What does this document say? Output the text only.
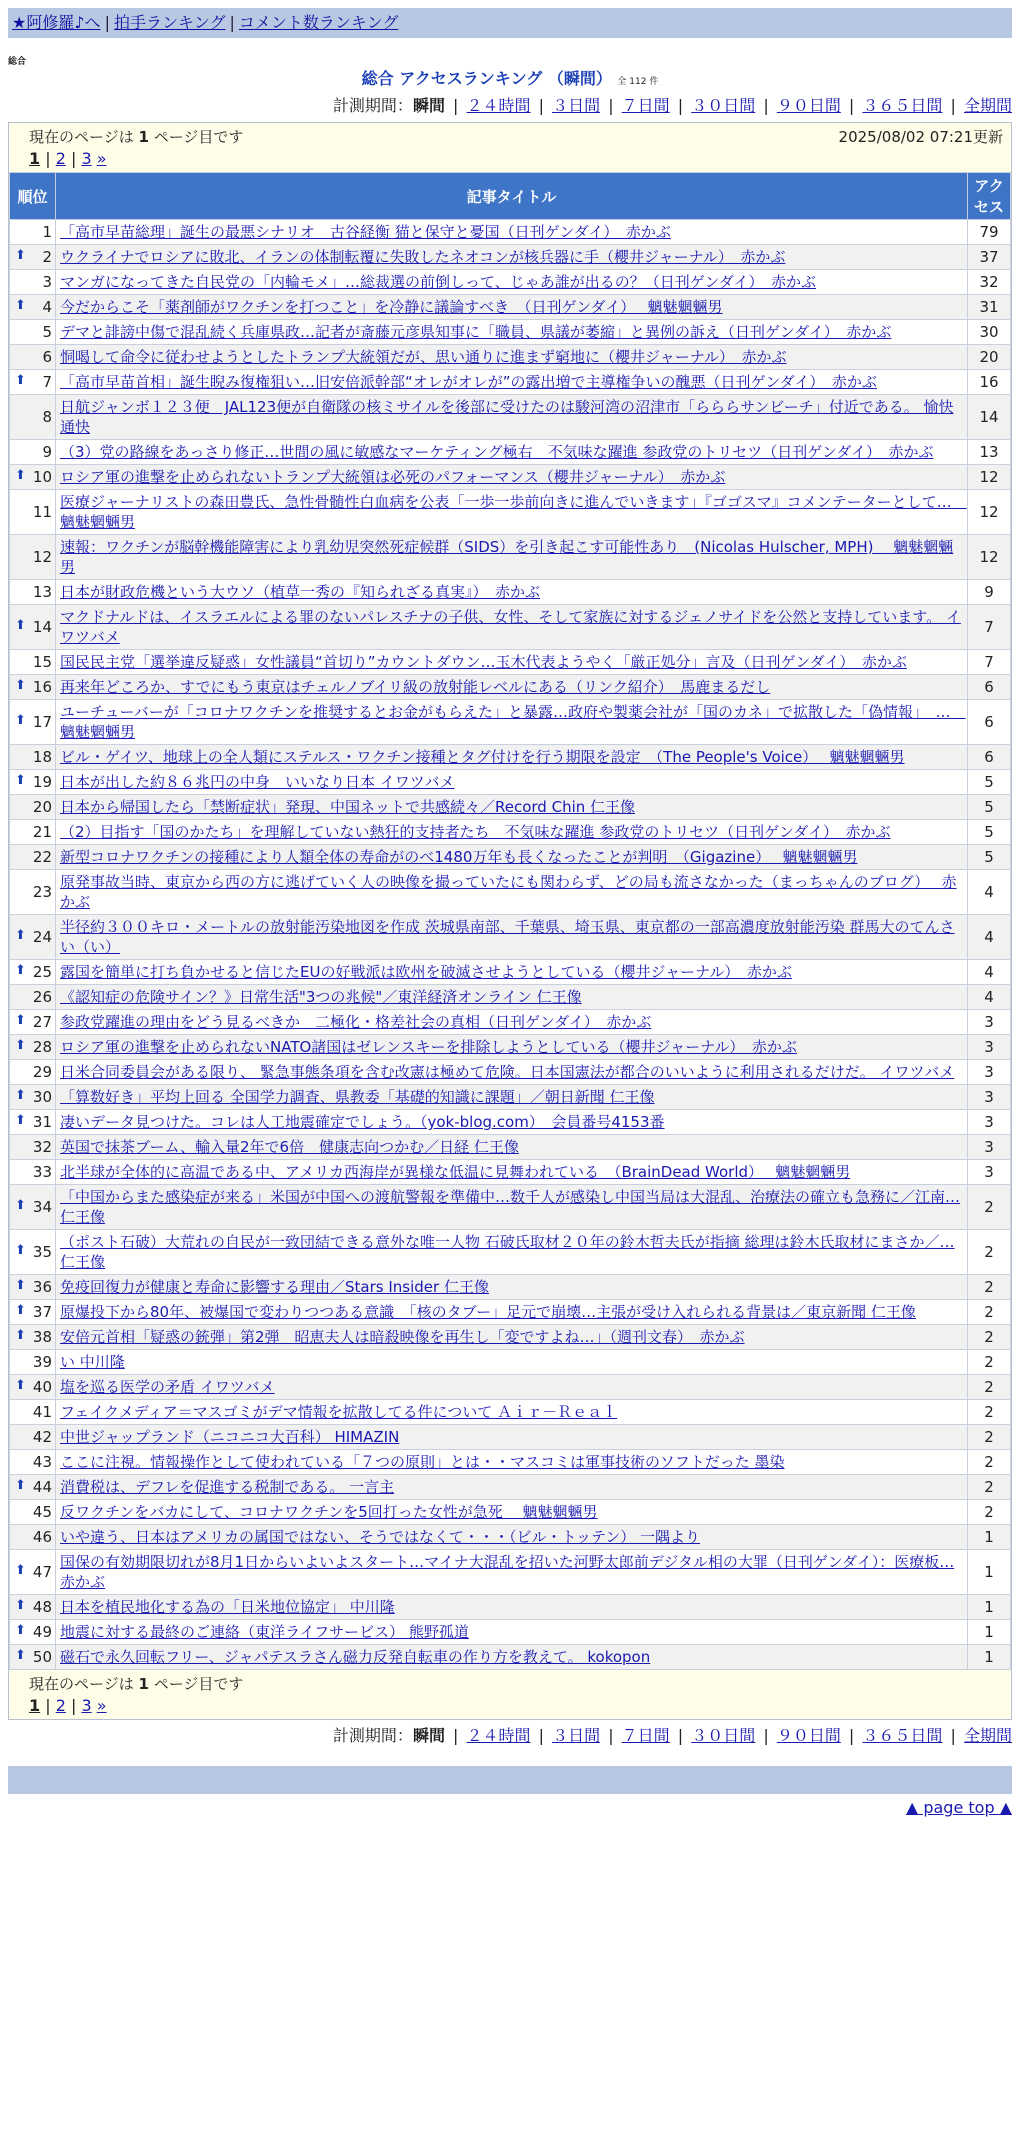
★阿修羅♪へ | 拍手ランキング | コメント数ランキング
総合
総合 アクセスランキング （瞬間） 全 112 件
計測期間：瞬間 | ２４時間 | ３日間 | ７日間 | ３０日間 | ９０日間 | ３６５日間 | 全期間
現在のページは 1 ページ目です	2025/08/02 07:21更新
1 | 2 | 3 »
順位	記事タイトル	アクセス
1	「高市早苗総理」誕生の最悪シナリオ　古谷経衡 猫と保守と憂国（日刊ゲンダイ）　赤かぶ	79

⬆ 2	ウクライナでロシアに敗北、イランの体制転覆に失敗したネオコンが核兵器に手（櫻井ジャーナル）　赤かぶ	37
3	マンガになってきた自民党の「内輪モメ」…総裁選の前倒しって、じゃあ誰が出るの？（日刊ゲンダイ）　赤かぶ	32

⬆ 4	今だからこそ「薬剤師がワクチンを打つこと」を冷静に議論すべき　（日刊ゲンダイ）　 魑魅魍魎男	31
5	デマと誹謗中傷で混乱続く兵庫県政…記者が斎藤元彦県知事に「職員、県議が萎縮」と異例の訴え（日刊ゲンダイ）　赤かぶ	30
6	恫喝して命令に従わせようとしたトランプ大統領だが、思い通りに進まず窮地に（櫻井ジャーナル）　赤かぶ	20

⬆ 7	「高市早苗首相」誕生睨み復権狙い…旧安倍派幹部“オレがオレが”の露出増で主導権争いの醜悪（日刊ゲンダイ）　赤かぶ	16
8	日航ジャンボ１２３便　JAL123便が自衛隊の核ミサイルを後部に受けたのは駿河湾の沼津市「らららサンビーチ」付近である。 愉快通快	14
9	（3）党の路線をあっさり修正…世間の風に敏感なマーケティング極右　不気味な躍進 参政党のトリセツ（日刊ゲンダイ）　赤かぶ	13

⬆ 10	ロシア軍の進撃を止められないトランプ大統領は必死のパフォーマンス（櫻井ジャーナル）　赤かぶ	12
11	医療ジャーナリストの森田豊氏、急性骨髄性白血病を公表「一歩一歩前向きに進んでいきます」『ゴゴスマ』コメンテーターとして…　魑魅魍魎男	12
12	速報：ワクチンが脳幹機能障害により乳幼児突然死症候群（SIDS）を引き起こす可能性あり　(Nicolas Hulscher, MPH)　 魑魅魍魎男	12
13	日本が財政危機という大ウソ（植草一秀の『知られざる真実』）　赤かぶ	9

⬆ 14	マクドナルドは、イスラエルによる罪のないパレスチナの子供、女性、そして家族に対するジェノサイドを公然と支持しています。 イワツバメ	7
15	国民民主党「選挙違反疑惑」女性議員“首切り”カウントダウン…玉木代表ようやく「厳正処分」言及（日刊ゲンダイ）　赤かぶ	7

⬆ 16	再来年どころか、すでにもう東京はチェルノブイリ級の放射能レベルにある（リンク紹介）　馬鹿まるだし	6

⬆ 17	ユーチューバーが「コロナワクチンを推奨するとお金がもらえた」と暴露…政府や製薬会社が「国のカネ」で拡散した「偽情報」　…　魑魅魍魎男	6
18	ビル・ゲイツ、地球上の全人類にステルス・ワクチン接種とタグ付けを行う期限を設定　（The People's Voice）　 魑魅魍魎男	6

⬆ 19	日本が出した約８６兆円の中身　いいなり日本 イワツバメ	5
20	日本から帰国したら「禁断症状」発現、中国ネットで共感続々／Record Chin 仁王像	5
21	（2）目指す「国のかたち」を理解していない熱狂的支持者たち　不気味な躍進 参政党のトリセツ（日刊ゲンダイ）　赤かぶ	5
22	新型コロナワクチンの接種により人類全体の寿命がのべ1480万年も長くなったことが判明　（Gigazine）　 魑魅魍魎男	5
23	原発事故当時、東京から西の方に逃げていく人の映像を撮っていたにも関わらず、どの局も流さなかった（まっちゃんのブログ）　 赤かぶ	4

⬆ 24	半径約３００キロ・メートルの放射能汚染地図を作成 茨城県南部、千葉県、埼玉県、東京都の一部高濃度放射能汚染 群馬大のてんさい（い）	4

⬆ 25	露国を簡単に打ち負かせると信じたEUの好戦派は欧州を破滅させようとしている（櫻井ジャーナル）　赤かぶ	4
26	《認知症の危険サイン？》日常生活"3つの兆候"／東洋経済オンライン 仁王像	4

⬆ 27	参政党躍進の理由をどう見るべきか　二極化・格差社会の真相（日刊ゲンダイ）　赤かぶ	3

⬆ 28	ロシア軍の進撃を止められないNATO諸国はゼレンスキーを排除しようとしている（櫻井ジャーナル）　赤かぶ	3
29	日米合同委員会がある限り、 緊急事態条項を含む改憲は極めて危険。日本国憲法が都合のいいように利用されるだけだ。 イワツバメ	3

⬆ 30	「算数好き」平均上回る 全国学力調査、県教委「基礎的知識に課題」／朝日新聞 仁王像	3

⬆ 31	凄いデータ見つけた。コレは人工地震確定でしょう。（yok-blog.com）　会員番号4153番	3
32	英国で抹茶ブーム、輸入量2年で6倍　健康志向つかむ／日経 仁王像	3
33	北半球が全体的に高温である中、アメリカ西海岸が異様な低温に見舞われている　（BrainDead World）　 魑魅魍魎男	3

⬆ 34	「中国からまた感染症が来る」米国が中国への渡航警報を準備中…数千人が感染し中国当局は大混乱、治療法の確立も急務に／江南… 仁王像	2

⬆ 35	（ポスト石破）大荒れの自民が一致団結できる意外な唯一人物 石破氏取材２０年の鈴木哲夫氏が指摘 総理は鈴木氏取材にまさか／… 仁王像	2

⬆ 36	免疫回復力が健康と寿命に影響する理由／Stars Insider 仁王像	2

⬆ 37	原爆投下から80年、被爆国で変わりつつある意識　「核のタブー」足元で崩壊…主張が受け入れられる背景は／東京新聞 仁王像	2

⬆ 38	安倍元首相「疑惑の銃弾」第2弾　昭恵夫人は暗殺映像を再生し「変ですよね…」（週刊文春）　赤かぶ	2
39	い 中川隆	2

⬆ 40	塩を巡る医学の矛盾 イワツバメ	2
41	フェイクメディア＝マスゴミがデマ情報を拡散してる件について Ａｉｒ－Ｒｅａｌ	2
42	中世ジャップランド（ニコニコ大百科） HIMAZIN	2
43	ここに注視。情報操作として使われている「７つの原則」とは・・マスコミは軍事技術のソフトだった 墨染	2

⬆ 44	消費税は、デフレを促進する税制である。 一言主	2
45	反ワクチンをバカにして、コロナワクチンを5回打った女性が急死　 魑魅魍魎男	2
46	いや違う、日本はアメリカの属国ではない、そうではなくて・・・（ビル・トッテン） 一隅より	1

⬆ 47	国保の有効期限切れが8月1日からいよいよスタート…マイナ大混乱を招いた河野太郎前デジタル相の大罪（日刊ゲンダイ）：医療板… 赤かぶ	1

⬆ 48	日本を植民地化する為の「日米地位協定」 中川隆	1

⬆ 49	地震に対する最終のご連絡（東洋ライフサービス） 熊野孤道	1

⬆ 50	磁石で永久回転フリー、ジャパテスラさん磁力反発自転車の作り方を教えて。 kokopon	1
現在のページは 1 ページ目です
1 | 2 | 3 »
計測期間：瞬間 | ２４時間 | ３日間 | ７日間 | ３０日間 | ９０日間 | ３６５日間 | 全期間
▲ page top ▲
